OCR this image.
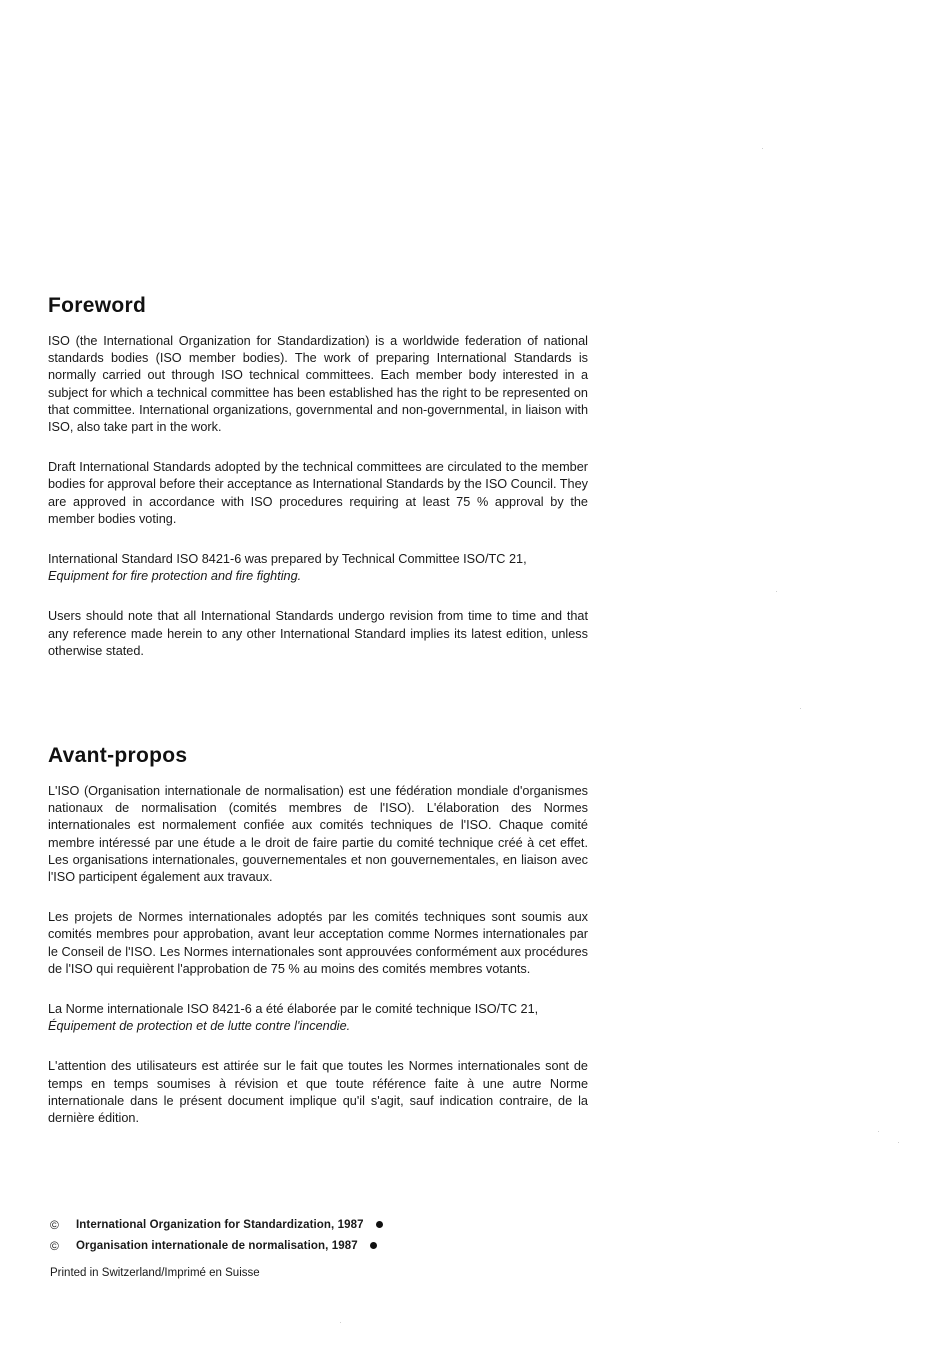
Foreword

ISO (the International Organization for Standardization) is a worldwide federation of national standards bodies (ISO member bodies). The work of preparing International Standards is normally carried out through ISO technical committees. Each member body interested in a subject for which a technical committee has been established has the right to be represented on that committee. International organizations, governmental and non-governmental, in liaison with ISO, also take part in the work.

Draft International Standards adopted by the technical committees are circulated to the member bodies for approval before their acceptance as International Standards by the ISO Council. They are approved in accordance with ISO procedures requiring at least 75 % approval by the member bodies voting.

International Standard ISO 8421-6 was prepared by Technical Committee ISO/TC 21,
Equipment for fire protection and fire fighting.

Users should note that all International Standards undergo revision from time to time and that any reference made herein to any other International Standard implies its latest edition, unless otherwise stated.

Avant-propos

L'ISO (Organisation internationale de normalisation) est une fédération mondiale d'organismes nationaux de normalisation (comités membres de l'ISO). L'élaboration des Normes internationales est normalement confiée aux comités techniques de l'ISO. Chaque comité membre intéressé par une étude a le droit de faire partie du comité technique créé à cet effet. Les organisations internationales, gouvernementales et non gouvernementales, en liaison avec l'ISO participent également aux travaux.

Les projets de Normes internationales adoptés par les comités techniques sont soumis aux comités membres pour approbation, avant leur acceptation comme Normes internationales par le Conseil de l'ISO. Les Normes internationales sont approuvées conformément aux procédures de l'ISO qui requièrent l'approbation de 75 % au moins des comités membres votants.

La Norme internationale ISO 8421-6 a été élaborée par le comité technique ISO/TC 21,
Équipement de protection et de lutte contre l'incendie.

L'attention des utilisateurs est attirée sur le fait que toutes les Normes internationales sont de temps en temps soumises à révision et que toute référence faite à une autre Norme internationale dans le présent document implique qu'il s'agit, sauf indication contraire, de la dernière édition.

©	International Organization for Standardization, 1987
©	Organisation internationale de normalisation, 1987
Printed in Switzerland/Imprimé en Suisse
